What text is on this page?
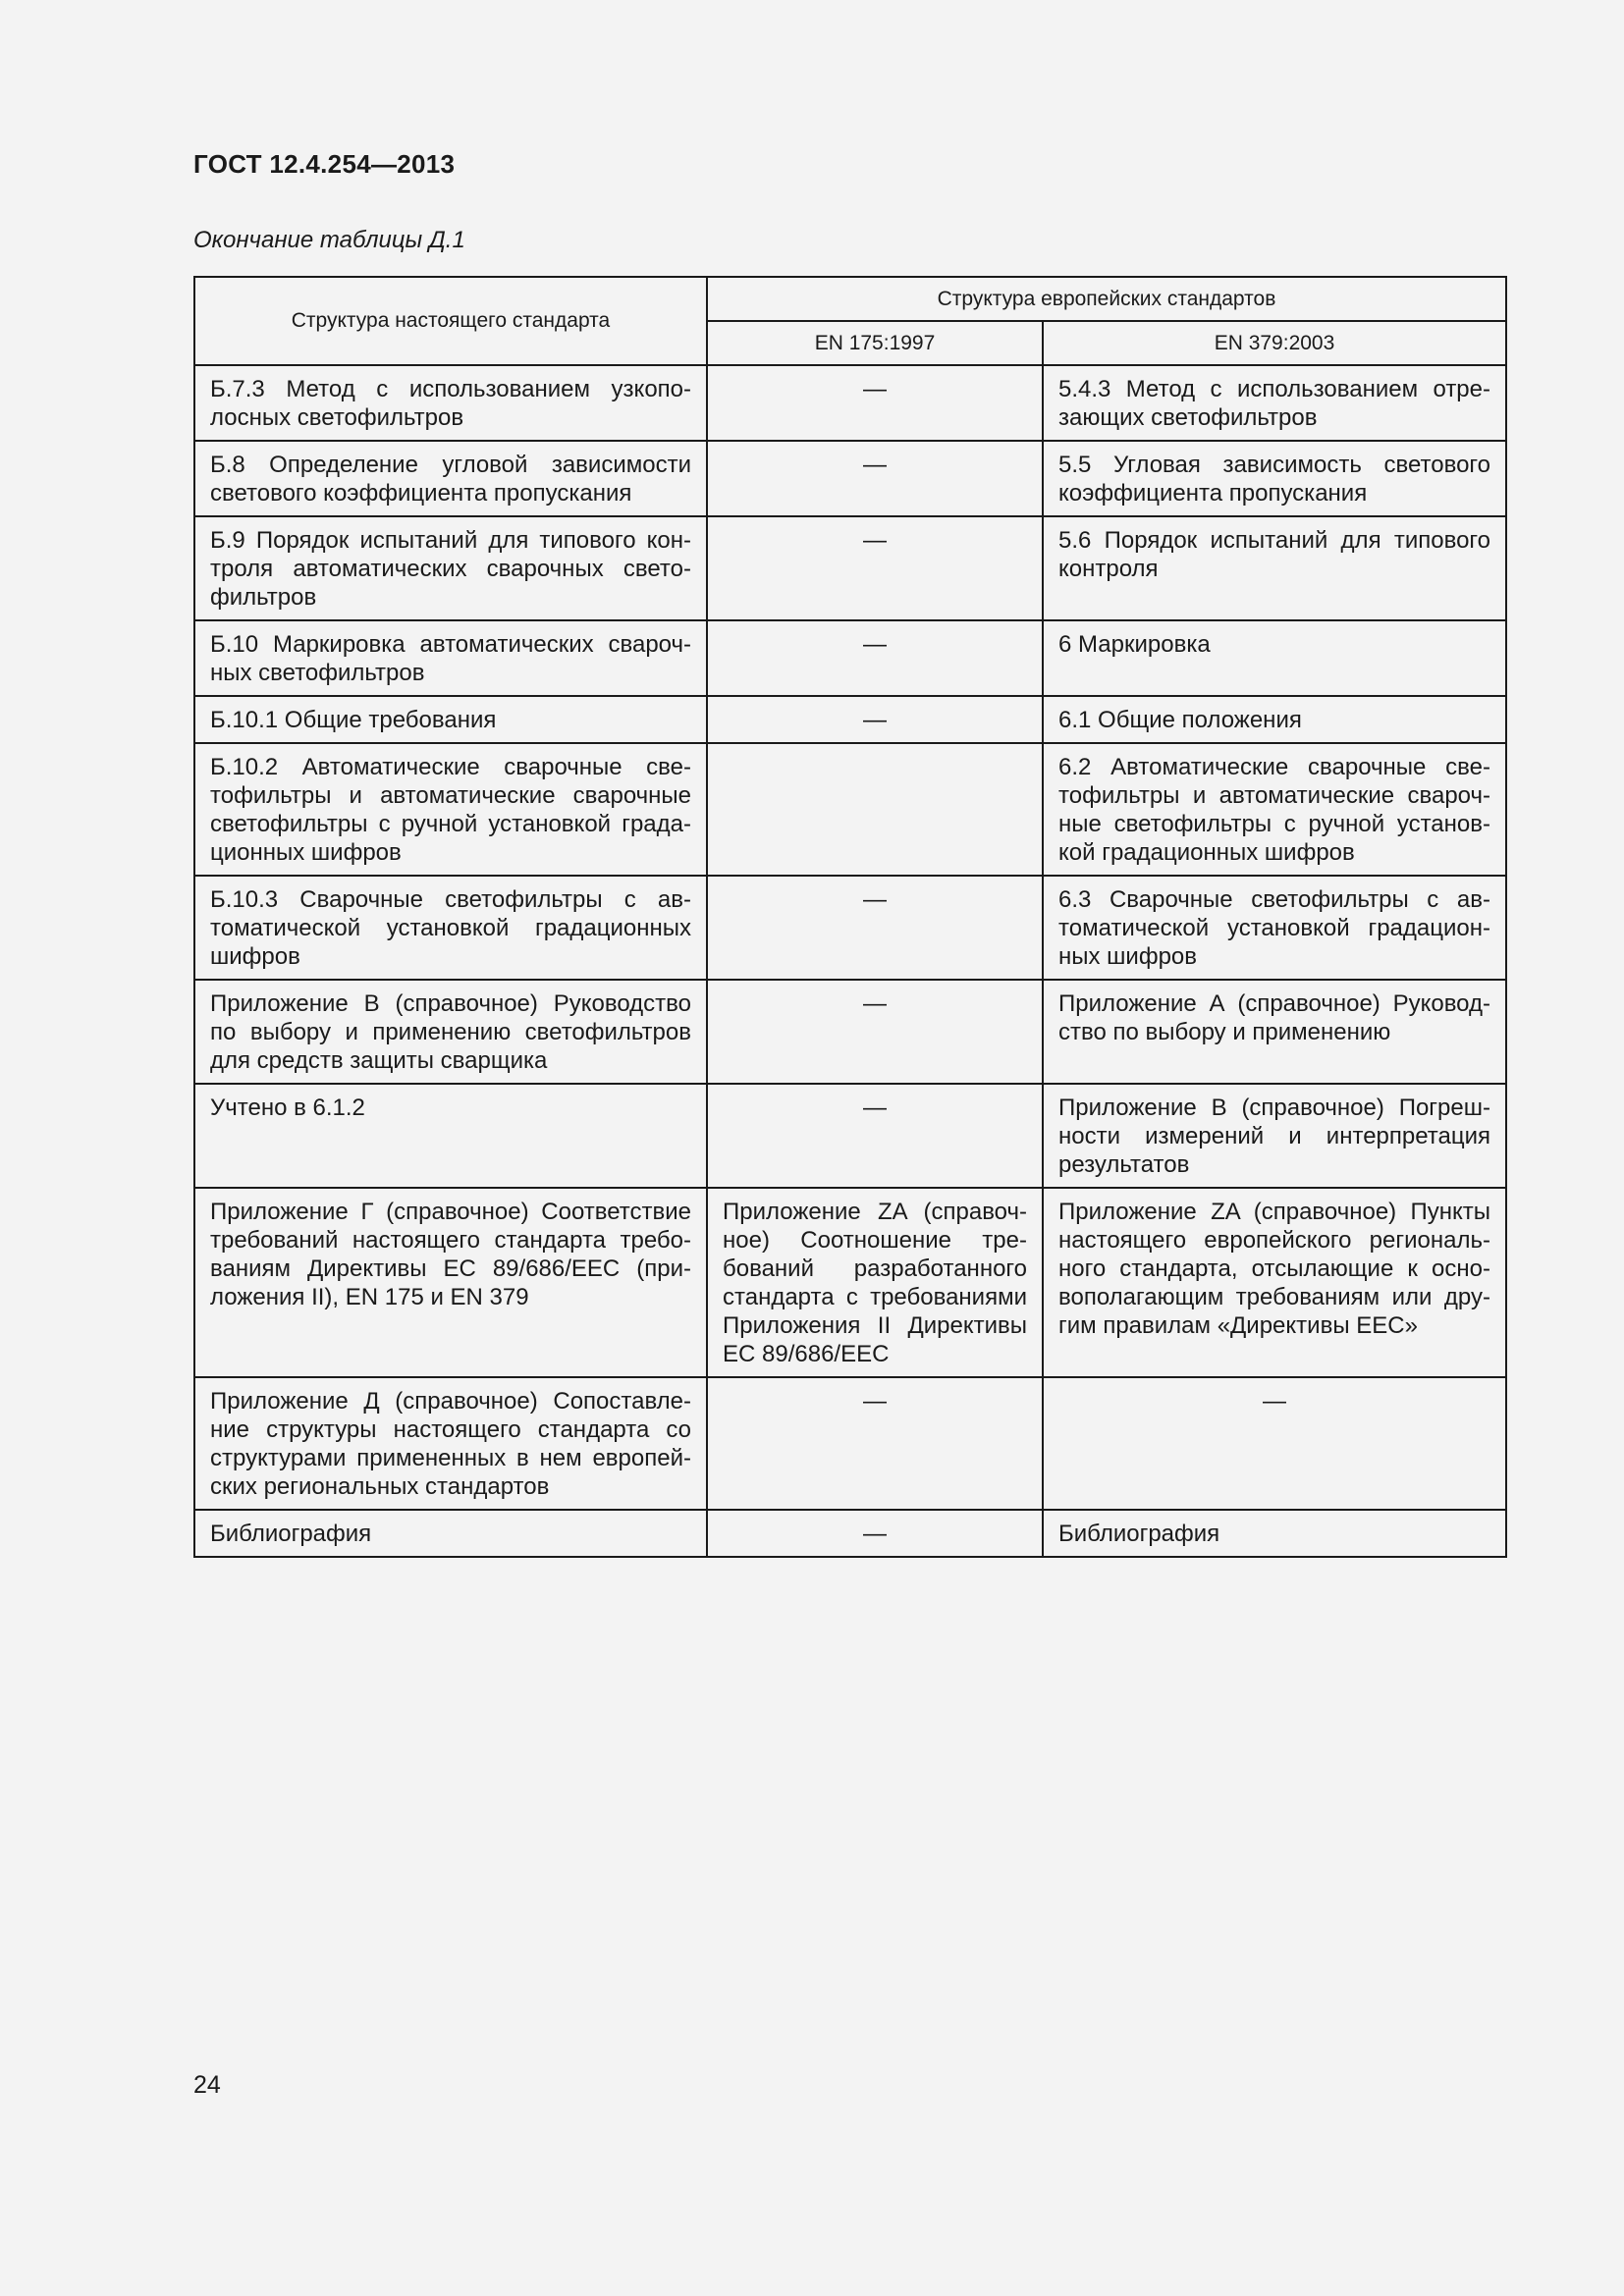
ГОСТ 12.4.254—2013
Окончание таблицы Д.1
Структура настоящего стандарта	Структура европейских стандартов	
	EN 175:1997	EN 379:2003
Б.7.3 Метод с использованием узкопо-лосных светофильтров	—	5.4.3 Метод с использованием отре-зающих светофильтров
Б.8 Определение угловой зависимости светового коэффициента пропускания	—	5.5 Угловая зависимость светового коэффициента пропускания
Б.9 Порядок испытаний для типового кон-троля автоматических сварочных свето-фильтров	—	5.6 Порядок испытаний для типового контроля
Б.10 Маркировка автоматических свароч-ных светофильтров	—	6 Маркировка
Б.10.1 Общие требования	—	6.1 Общие положения
Б.10.2 Автоматические сварочные све-тофильтры и автоматические сварочные светофильтры с ручной установкой града-ционных шифров		6.2 Автоматические сварочные све-тофильтры и автоматические свароч-ные светофильтры с ручной установ-кой градационных шифров
Б.10.3 Сварочные светофильтры с ав-томатической установкой градационных шифров	—	6.3 Сварочные светофильтры с ав-томатической установкой градацион-ных шифров
Приложение В (справочное) Руководство по выбору и применению светофильтров для средств защиты сварщика	—	Приложение А (справочное) Руковод-ство по выбору и применению
Учтено в 6.1.2	—	Приложение В (справочное) Погреш-ности измерений и интерпретация результатов
Приложение Г (справочное) Соответствие требований настоящего стандарта требо-ваниям Директивы ЕС 89/686/ЕЕС (при-ложения II), EN 175 и EN 379	Приложение ZA (справоч-ное) Соотношение тре-бований разработанного стандарта с требованиями Приложения II Директивы ЕС 89/686/ЕЕС	Приложение ZA (справочное) Пункты настоящего европейского региональ-ного стандарта, отсылающие к осно-вополагающим требованиям или дру-гим правилам «Директивы ЕЕС»
Приложение Д (справочное) Сопоставле-ние структуры настоящего стандарта со структурами примененных в нем европей-ских региональных стандартов	—	—
Библиография	—	Библиография
24
